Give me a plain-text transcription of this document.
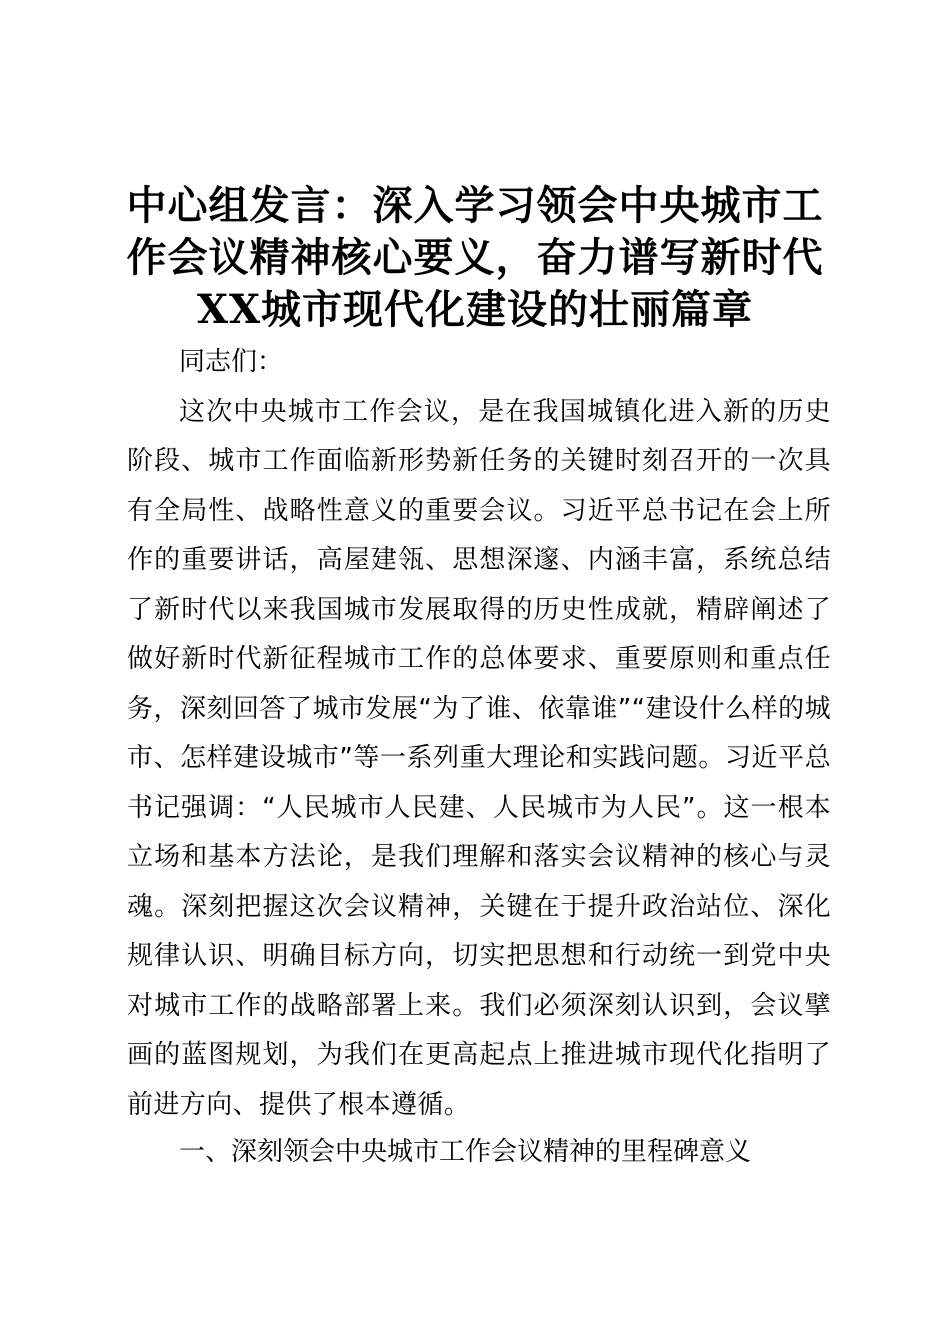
中心组发言：深入学习领会中央城市工
作会议精神核心要义，奋力谱写新时代
XX城市现代化建设的壮丽篇章

同志们：

这次中央城市工作会议，是在我国城镇化进入新的历史阶段、城市工作面临新形势新任务的关键时刻召开的一次具有全局性、战略性意义的重要会议。习近平总书记在会上所作的重要讲话，高屋建瓴、思想深邃、内涵丰富，系统总结了新时代以来我国城市发展取得的历史性成就，精辟阐述了做好新时代新征程城市工作的总体要求、重要原则和重点任务，深刻回答了城市发展“为了谁、依靠谁”“建设什么样的城市、怎样建设城市”等一系列重大理论和实践问题。习近平总书记强调：“人民城市人民建、人民城市为人民”。这一根本立场和基本方法论，是我们理解和落实会议精神的核心与灵魂。深刻把握这次会议精神，关键在于提升政治站位、深化规律认识、明确目标方向，切实把思想和行动统一到党中央对城市工作的战略部署上来。我们必须深刻认识到，会议擘画的蓝图规划，为我们在更高起点上推进城市现代化指明了前进方向、提供了根本遵循。

一、深刻领会中央城市工作会议精神的里程碑意义
